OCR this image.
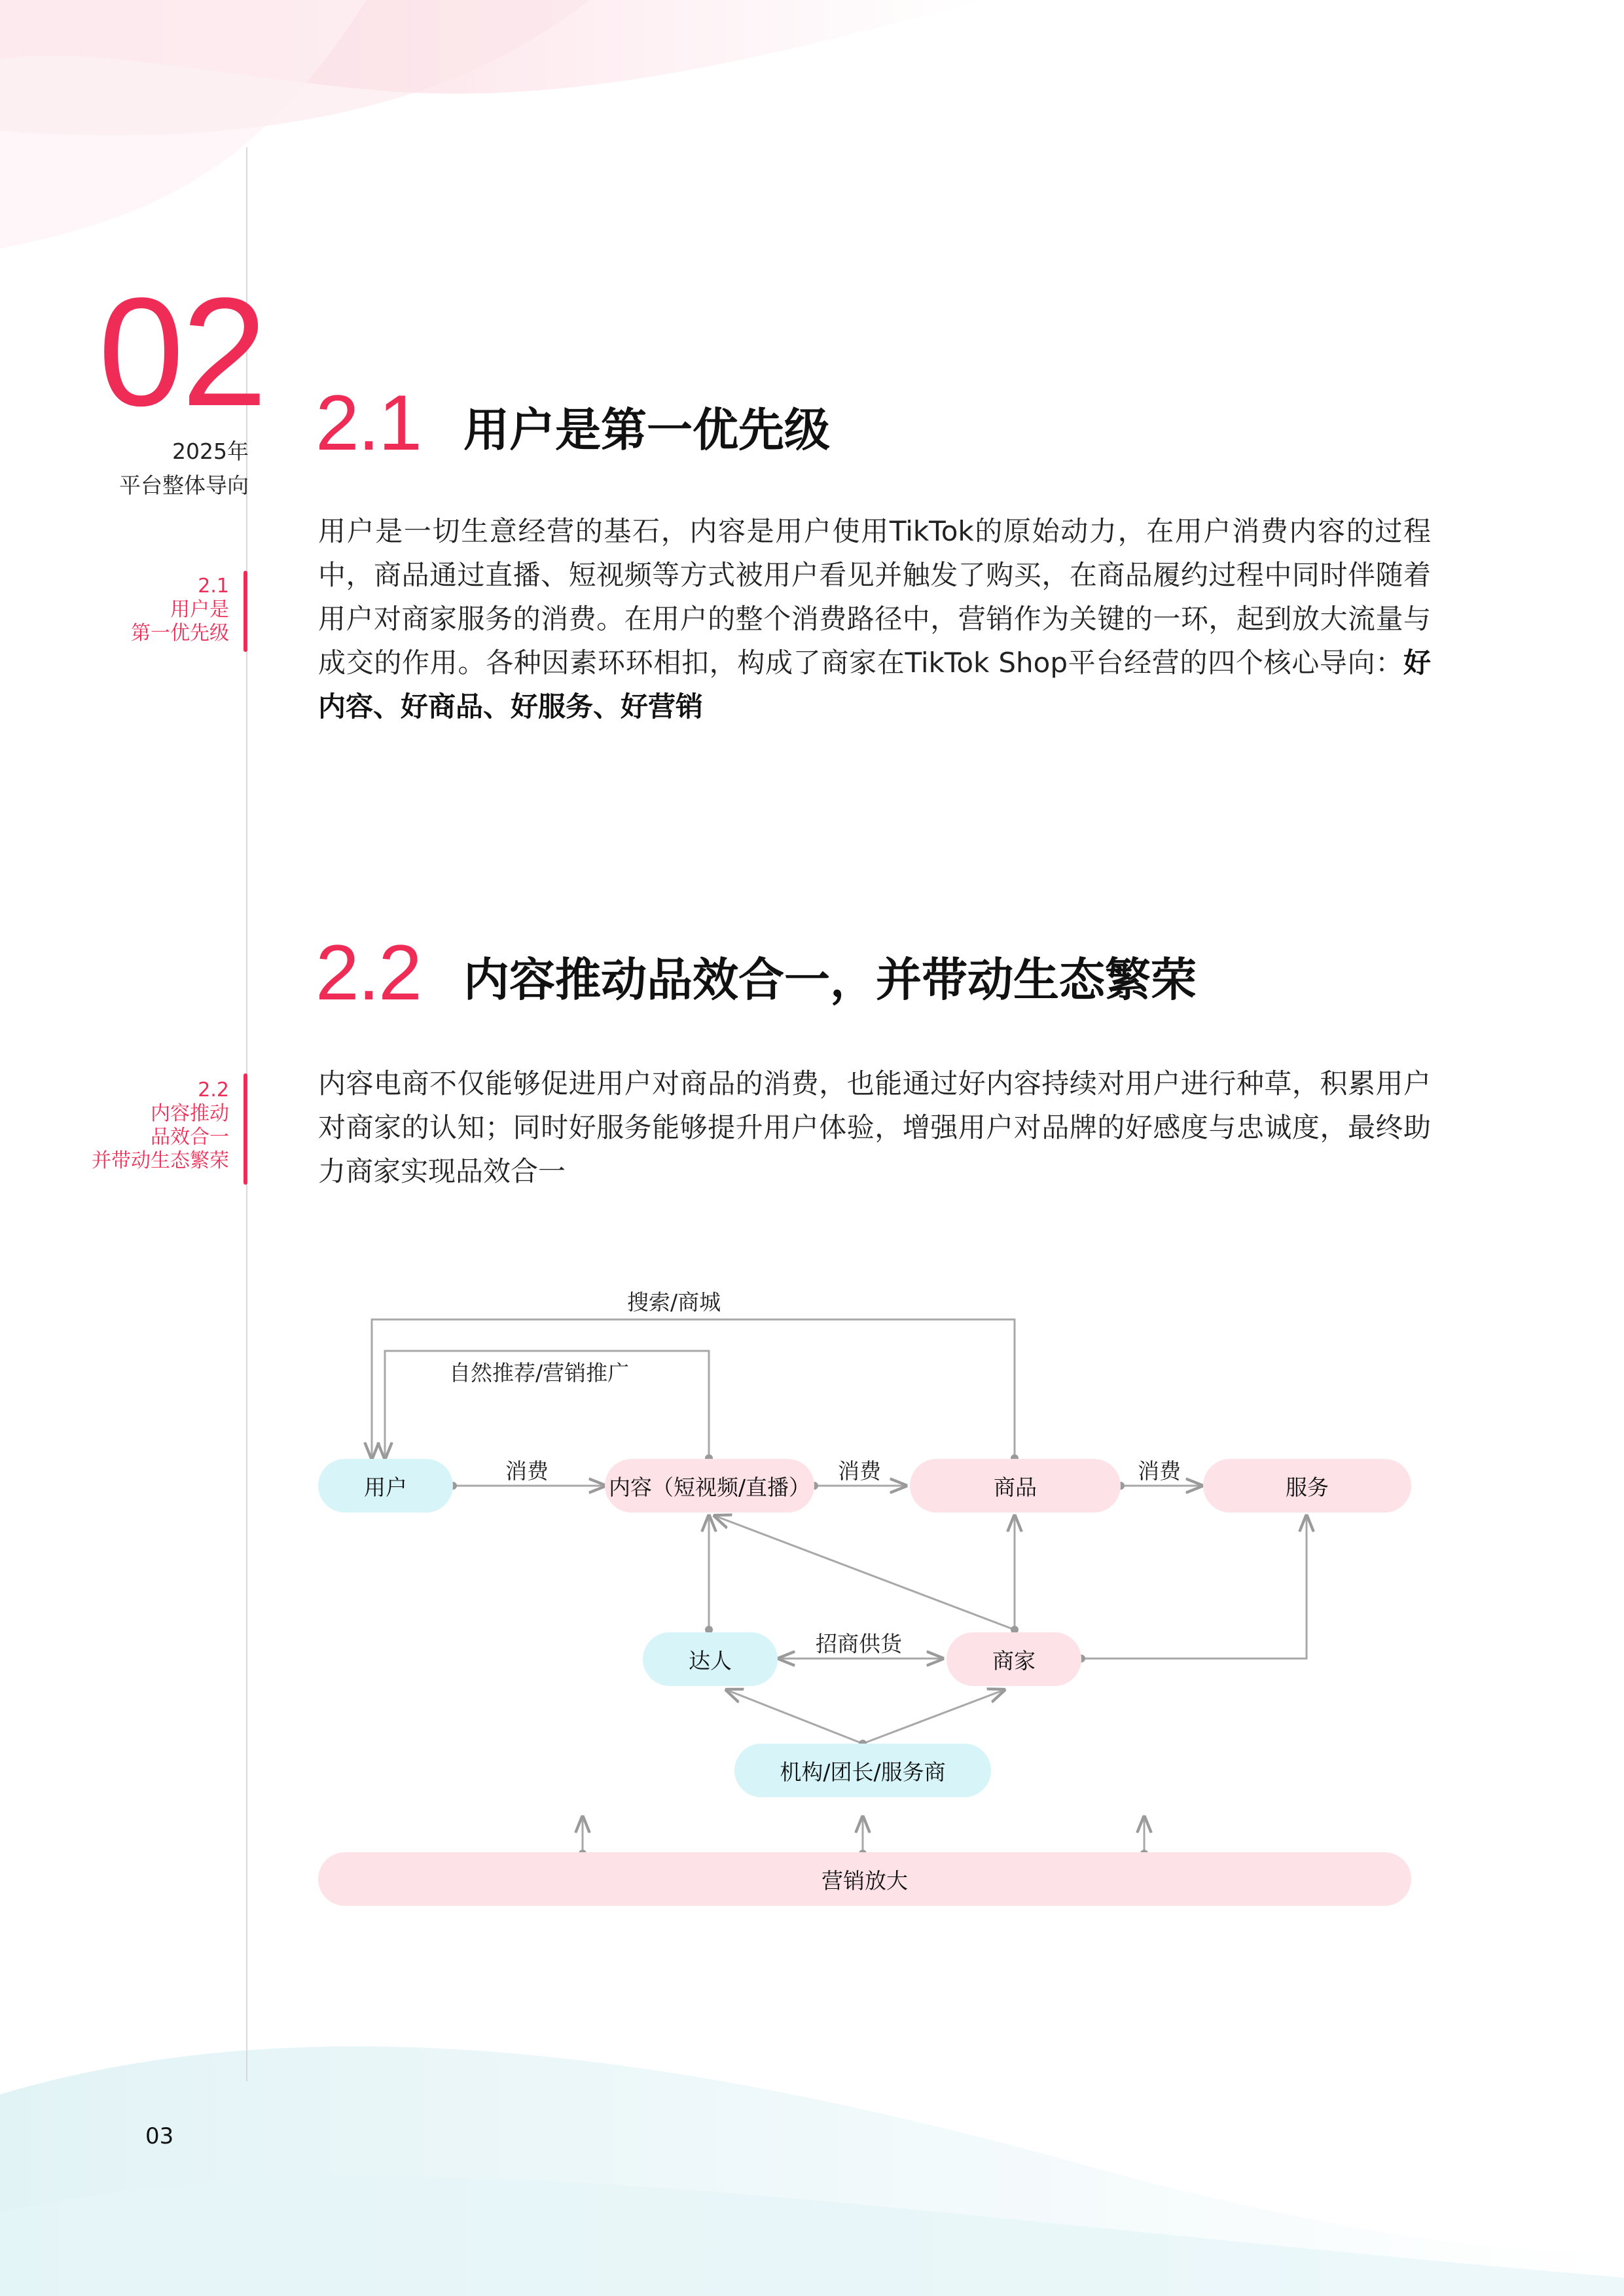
02
2025年
平台整体导向
2.1
用户是
第一优先级
2.2
内容推动
品效合一
并带动生态繁荣
2.1 用户是第一优先级
用户是一切生意经营的基石，内容是用户使用TikTok的原始动力，在用户消费内容的过程中，商品通过直播、短视频等方式被用户看见并触发了购买，在商品履约过程中同时伴随着用户对商家服务的消费。在用户的整个消费路径中，营销作为关键的一环，起到放大流量与成交的作用。各种因素环环相扣，构成了商家在TikTok Shop平台经营的四个核心导向：好内容、好商品、好服务、好营销
2.2 内容推动品效合一，并带动生态繁荣
内容电商不仅能够促进用户对商品的消费，也能通过好内容持续对用户进行种草，积累用户对商家的认知；同时好服务能够提升用户体验，增强用户对品牌的好感度与忠诚度，最终助力商家实现品效合一
搜索/商城
自然推荐/营销推广
消费	消费	消费
招商供货
用户	内容（短视频/直播）	商品	服务
达人	商家
机构/团长/服务商
营销放大
03
